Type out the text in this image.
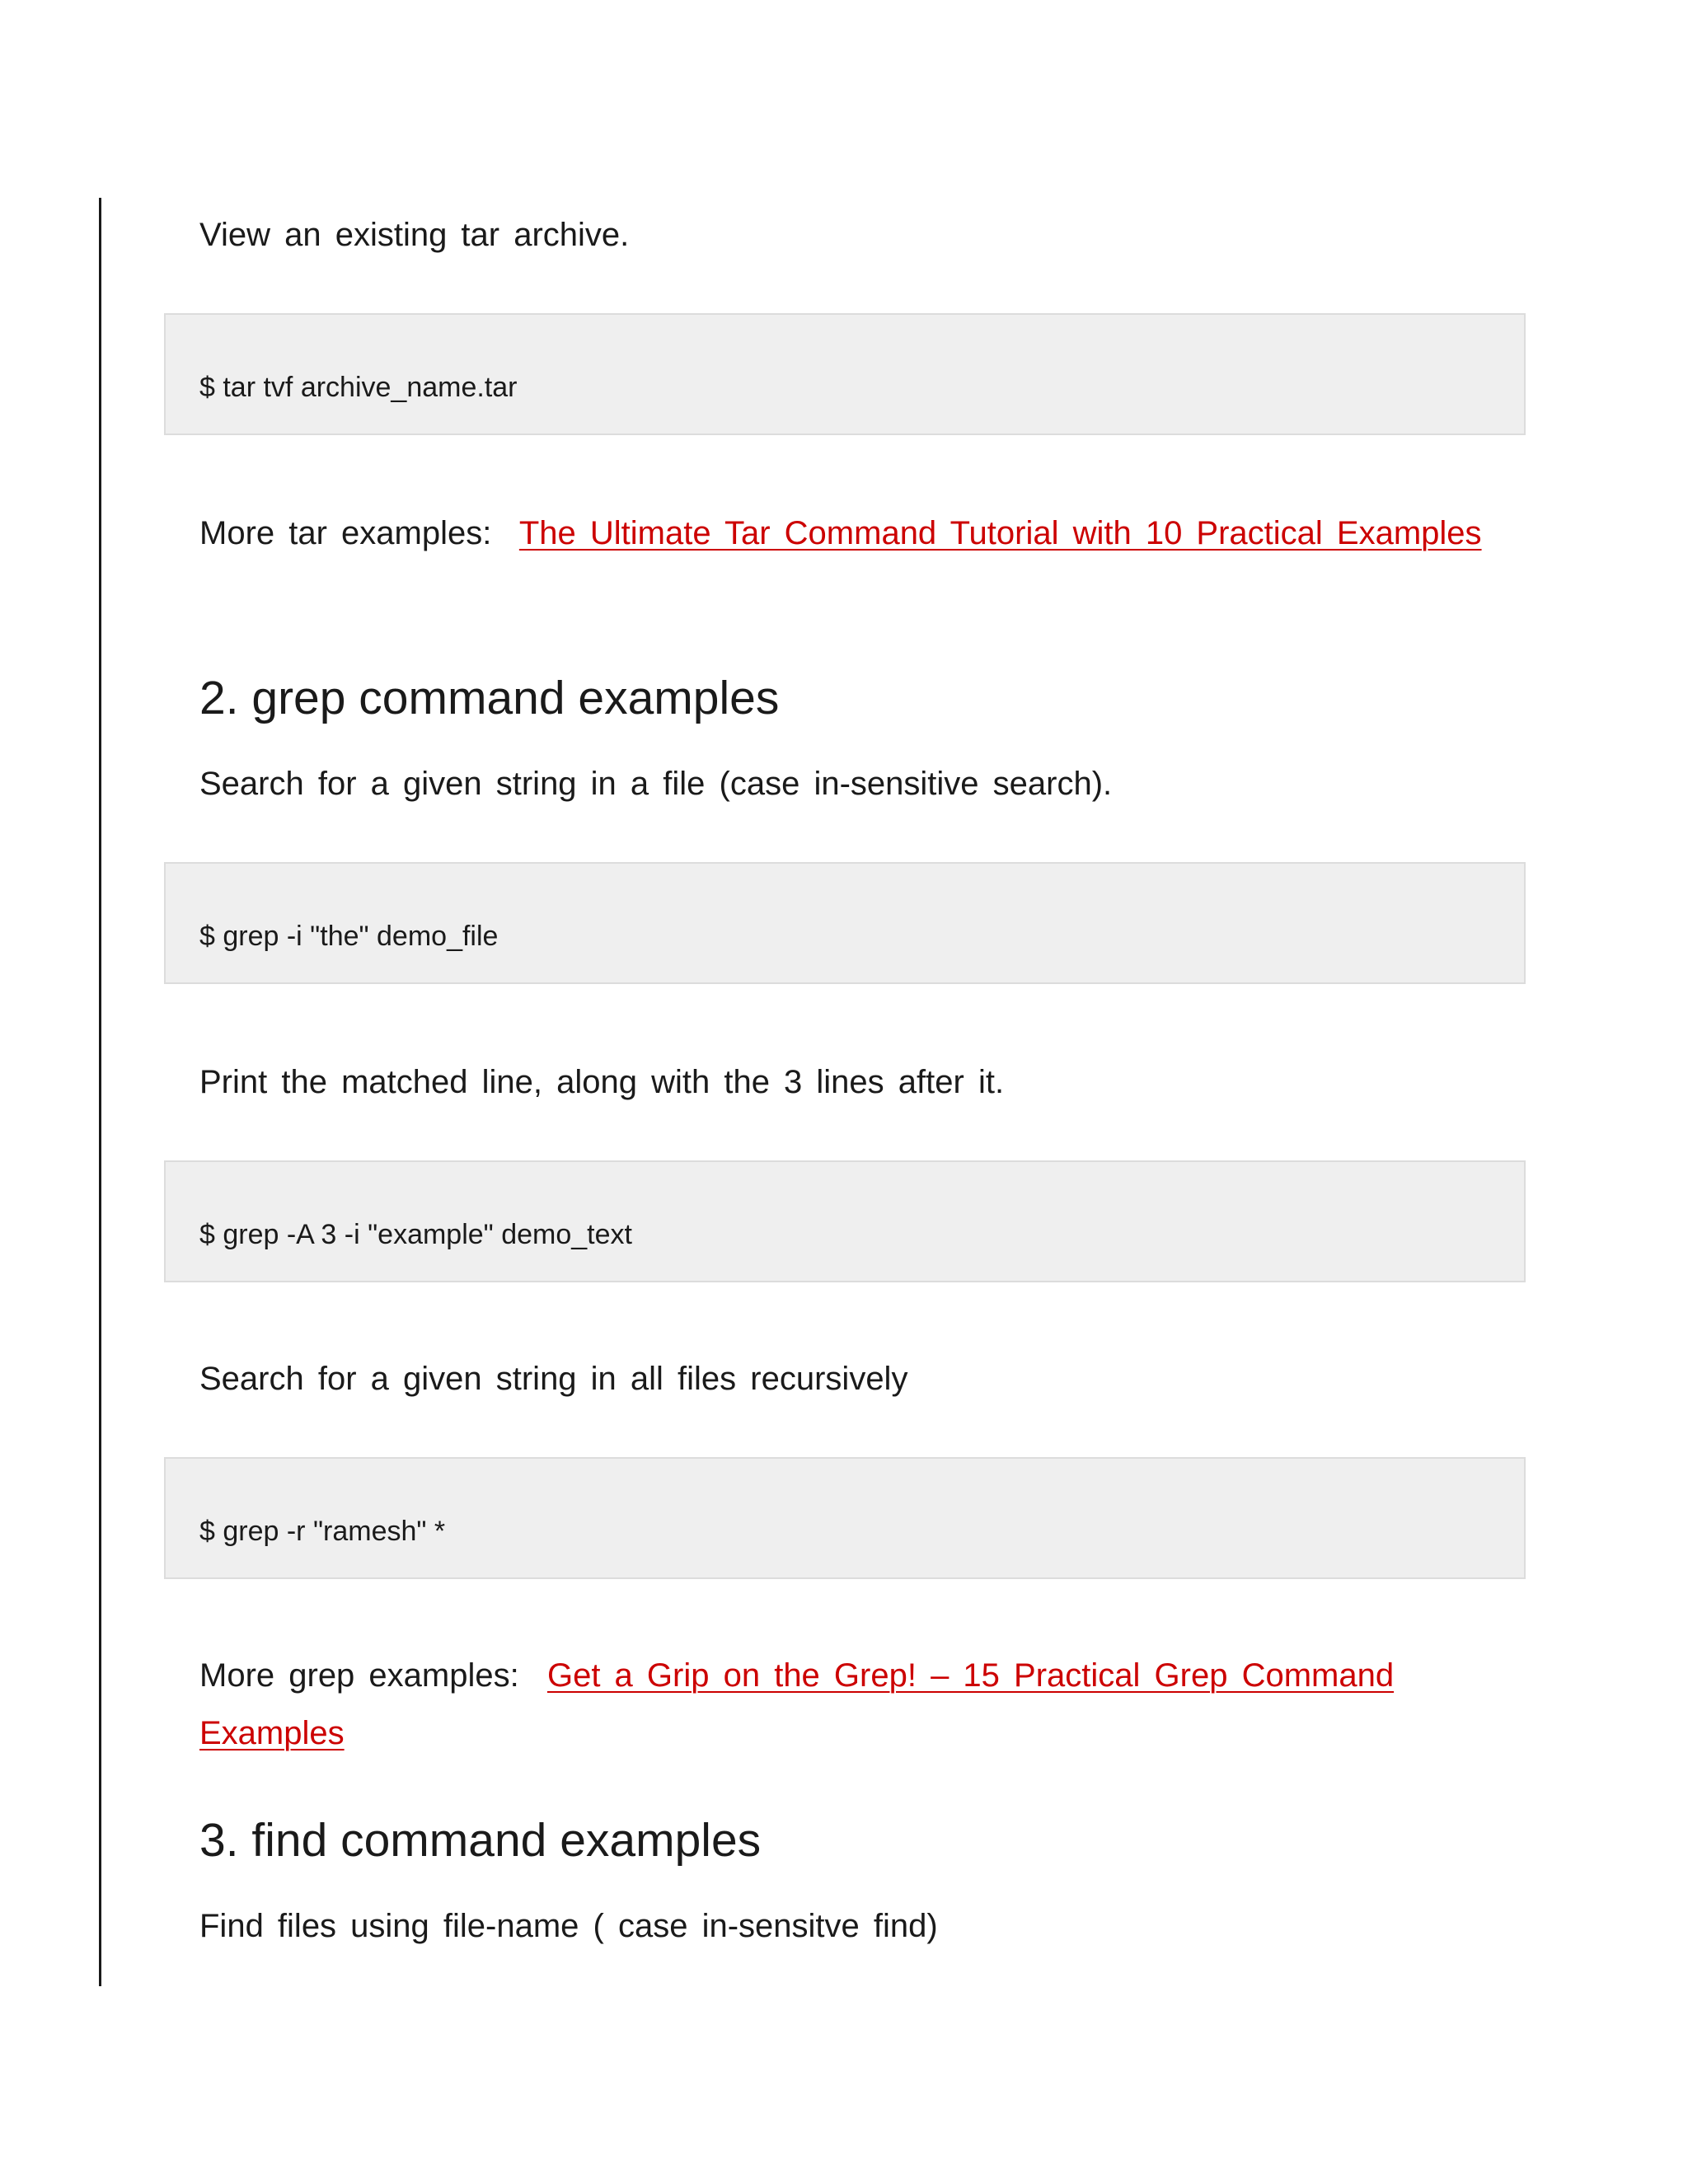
View an existing tar archive.

$ tar tvf archive_name.tar

More tar examples: The Ultimate Tar Command Tutorial with 10 Practical Examples

2. grep command examples

Search for a given string in a file (case in-sensitive search).

$ grep -i "the" demo_file

Print the matched line, along with the 3 lines after it.

$ grep -A 3 -i "example" demo_text

Search for a given string in all files recursively

$ grep -r "ramesh" *

More grep examples: Get a Grip on the Grep! – 15 Practical Grep Command Examples

3. find command examples

Find files using file-name ( case in-sensitve find)
